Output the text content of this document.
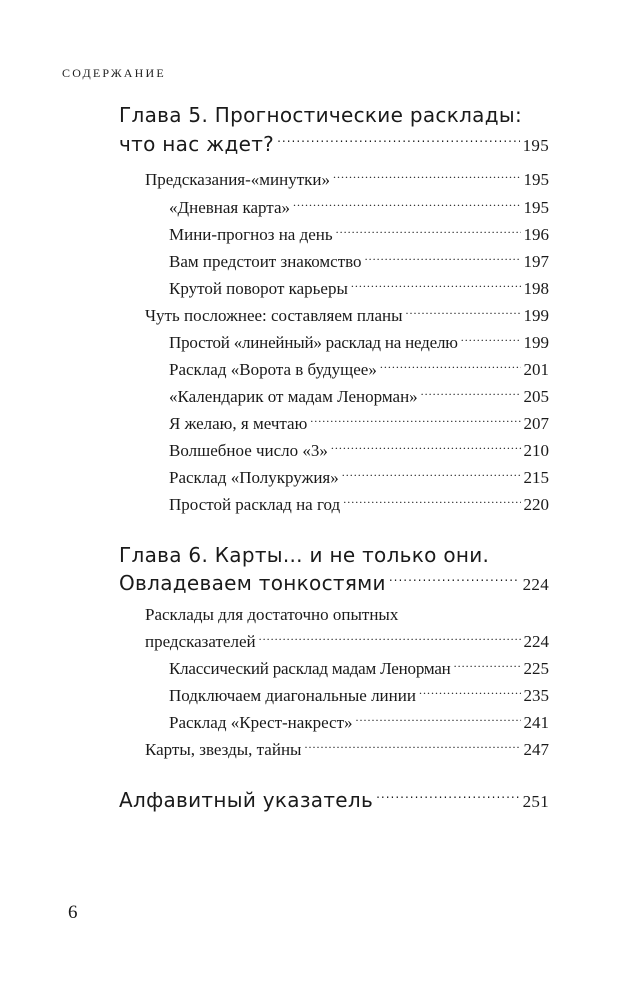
СОДЕРЖАНИЕ
Глава 5. Прогностические расклады:
что нас ждет? .....	195
Предсказания-«минутки» .....	195
«Дневная карта» .....	195
Мини-прогноз на день .....	196
Вам предстоит знакомство .....	197
Крутой поворот карьеры .....	198
Чуть посложнее: составляем планы .....	199
Простой «линейный» расклад на неделю .....	199
Расклад «Ворота в будущее» .....	201
«Календарик от мадам Ленорман» .....	205
Я желаю, я мечтаю .....	207
Волшебное число «3» .....	210
Расклад «Полукружия» .....	215
Простой расклад на год .....	220
Глава 6. Карты... и не только они.
Овладеваем тонкостями .....	224
Расклады для достаточно опытных
предсказателей .....	224
Классический расклад мадам Ленорман .....	225
Подключаем диагональные линии .....	235
Расклад «Крест-накрест» .....	241
Карты, звезды, тайны .....	247
Алфавитный указатель .....	251
6
